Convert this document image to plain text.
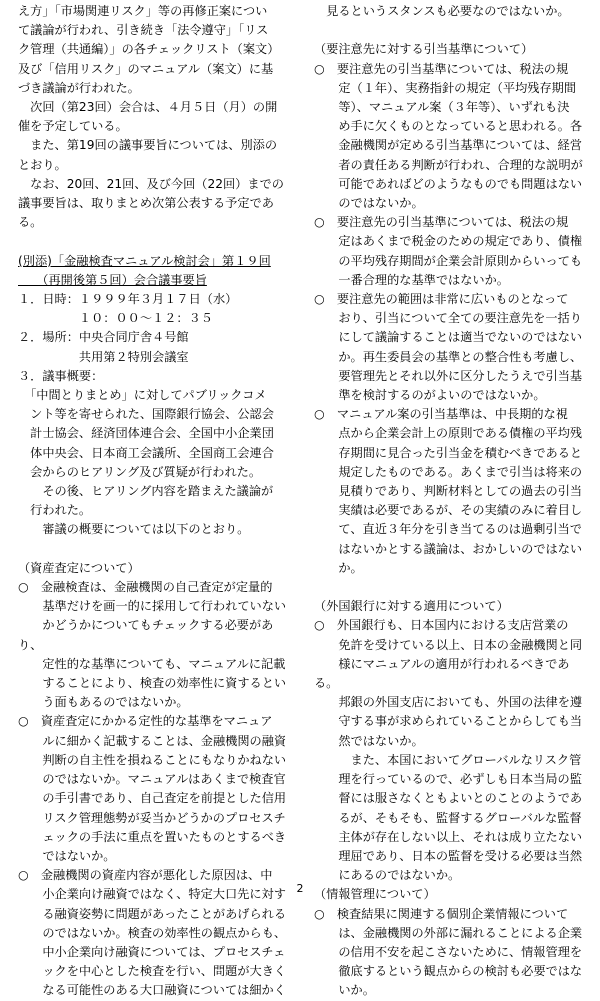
え方」「市場関連リスク」等の再修正案につい
て議論が行われ、引き続き「法令遵守」「リス
ク管理（共通編）」の各チェックリスト（案文）
及び「信用リスク」のマニュアル（案文）に基
づき議論が行われた。
　次回（第23回）会合は、４月５日（月）の開
催を予定している。
　また、第19回の議事要旨については、別添の
とおり。
　なお、20回、21回、及び今回（22回）までの
議事要旨は、取りまとめ次第公表する予定であ
る。
(別添)「金融検査マニュアル検討会」第１９回
　　（再開後第５回）会合議事要旨
１．日時：１９９９年３月１７日（水）
　　　　　１０：００～１２：３５
２．場所：中央合同庁舎４号館
　　　　　共用第２特別会議室
３．議事概要：
　「中間とりまとめ」に対してパブリックコメ
　ント等を寄せられた、国際銀行協会、公認会
　計士協会、経済団体連合会、全国中小企業団
　体中央会、日本商工会議所、全国商工会連合
　会からのヒアリング及び質疑が行われた。
　　その後、ヒアリング内容を踏まえた議論が
　行われた。
　　審議の概要については以下のとおり。
（資産査定について）
○　金融検査は、金融機関の自己査定が定量的
　　基準だけを画一的に採用して行われていない
　　かどうかについてもチェックする必要があり、
　　定性的な基準についても、マニュアルに記載
　　することにより、検査の効率性に資するとい
　　う面もあるのではないか。
○　資産査定にかかる定性的な基準をマニュア
　　ルに細かく記載することは、金融機関の融資
　　判断の自主性を損ねることにもなりかねない
　　のではないか。マニュアルはあくまで検査官
　　の手引書であり、自己査定を前提とした信用
　　リスク管理態勢が妥当かどうかのプロセスチ
　　ェックの手法に重点を置いたものとするべき
　　ではないか。
○　金融機関の資産内容が悪化した原因は、中
　　小企業向け融資ではなく、特定大口先に対す
　　る融資姿勢に問題があったことがあげられる
　　のではないか。検査の効率性の観点からも、
　　中小企業向け融資については、プロセスチェ
　　ックを中心とした検査を行い、問題が大きく
　　なる可能性のある大口融資については細かく
　見るというスタンスも必要なのではないか。
（要注意先に対する引当基準について）
○　要注意先の引当基準については、税法の規
　　定（１年）、実務指針の規定（平均残存期間
　　等）、マニュアル案（３年等）、いずれも決
　　め手に欠くものとなっていると思われる。各
　　金融機関が定める引当基準については、経営
　　者の責任ある判断が行われ、合理的な説明が
　　可能であればどのようなものでも問題はない
　　のではないか。
○　要注意先の引当基準については、税法の規
　　定はあくまで税金のための規定であり、債権
　　の平均残存期間が企業会計原則からいっても
　　一番合理的な基準ではないか。
○　要注意先の範囲は非常に広いものとなって
　　おり、引当について全ての要注意先を一括り
　　にして議論することは適当でないのではない
　　か。再生委員会の基準との整合性も考慮し、
　　要管理先とそれ以外に区分したうえで引当基
　　準を検討するのがよいのではないか。
○　マニュアル案の引当基準は、中長期的な視
　　点から企業会計上の原則である債権の平均残
　　存期間に見合った引当金を積むべきであると
　　規定したものである。あくまで引当は将来の
　　見積りであり、判断材料としての過去の引当
　　実績は必要であるが、その実績のみに着目し
　　て、直近３年分を引き当てるのは過剰引当で
　　はないかとする議論は、おかしいのではない
　　か。
（外国銀行に対する適用について）
○　外国銀行も、日本国内における支店営業の
　　免許を受けている以上、日本の金融機関と同
　　様にマニュアルの適用が行われるべきである。
　　邦銀の外国支店においても、外国の法律を遵
　　守する事が求められていることからしても当
　　然ではないか。
　　　また、本国においてグローバルなリスク管
　　理を行っているので、必ずしも日本当局の監
　　督には服さなくともよいとのことのようであ
　　るが、そもそも、監督するグローバルな監督
　　主体が存在しない以上、それは成り立たない
　　理屈であり、日本の監督を受ける必要は当然
　　にあるのではないか。
（情報管理について）
○　検査結果に関連する個別企業情報について
　　は、金融機関の外部に漏れることによる企業
　　の信用不安を起こさないために、情報管理を
　　徹底するという観点からの検討も必要ではな
　　いか。
2
